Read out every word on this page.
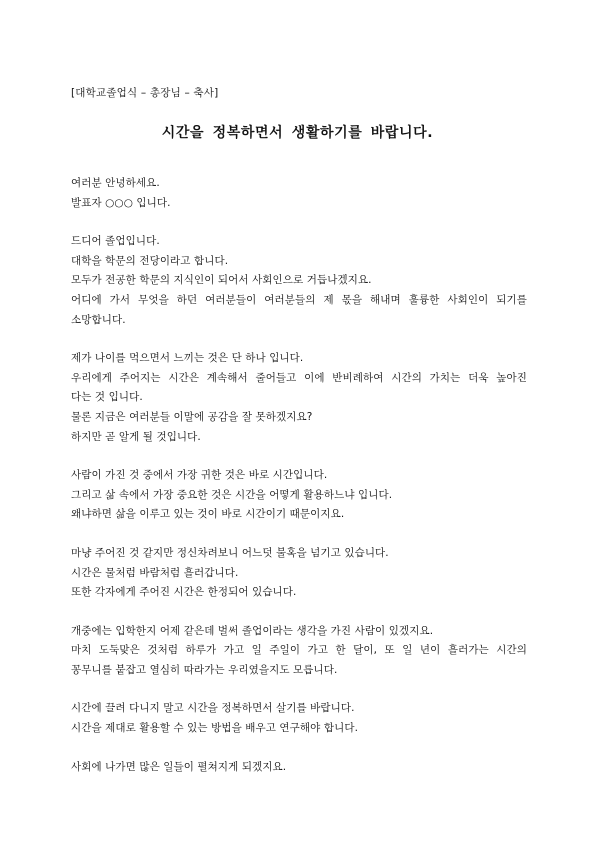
[대학교졸업식 – 총장님 – 축사]
시간을 정복하면서 생활하기를 바랍니다.
여러분 안녕하세요.
발표자 ○○○ 입니다.
드디어 졸업입니다.
대학을 학문의 전당이라고 합니다.
모두가 전공한 학문의 지식인이 되어서 사회인으로 거듭나겠지요.
어디에 가서 무엇을 하던 여러분들이 여러분들의 제 몫을 해내며 훌륭한 사회인이 되기를
소망합니다.
제가 나이를 먹으면서 느끼는 것은 단 하나 입니다.
우리에게 주어지는 시간은 계속해서 줄어들고 이에 반비례하여 시간의 가치는 더욱 높아진
다는 것 입니다.
물론 지금은 여러분들 이말에 공감을 잘 못하겠지요?
하지만 곧 알게 될 것입니다.
사람이 가진 것 중에서 가장 귀한 것은 바로 시간입니다.
그리고 삶 속에서 가장 중요한 것은 시간을 어떻게 활용하느냐 입니다.
왜냐하면 삶을 이루고 있는 것이 바로 시간이기 때문이지요.
마냥 주어진 것 같지만 정신차려보니 어느덧 불혹을 넘기고 있습니다.
시간은 물처럼 바람처럼 흘러갑니다.
또한 각자에게 주어진 시간은 한정되어 있습니다.
개중에는 입학한지 어제 같은데 벌써 졸업이라는 생각을 가진 사람이 있겠지요.
마치 도둑맞은 것처럼 하루가 가고 일 주일이 가고 한 달이, 또 일 년이 흘러가는 시간의
꽁무니를 붙잡고 열심히 따라가는 우리였을지도 모릅니다.
시간에 끌려 다니지 말고 시간을 정복하면서 살기를 바랍니다.
시간을 제대로 활용할 수 있는 방법을 배우고 연구해야 합니다.
사회에 나가면 많은 일들이 펼쳐지게 되겠지요.
